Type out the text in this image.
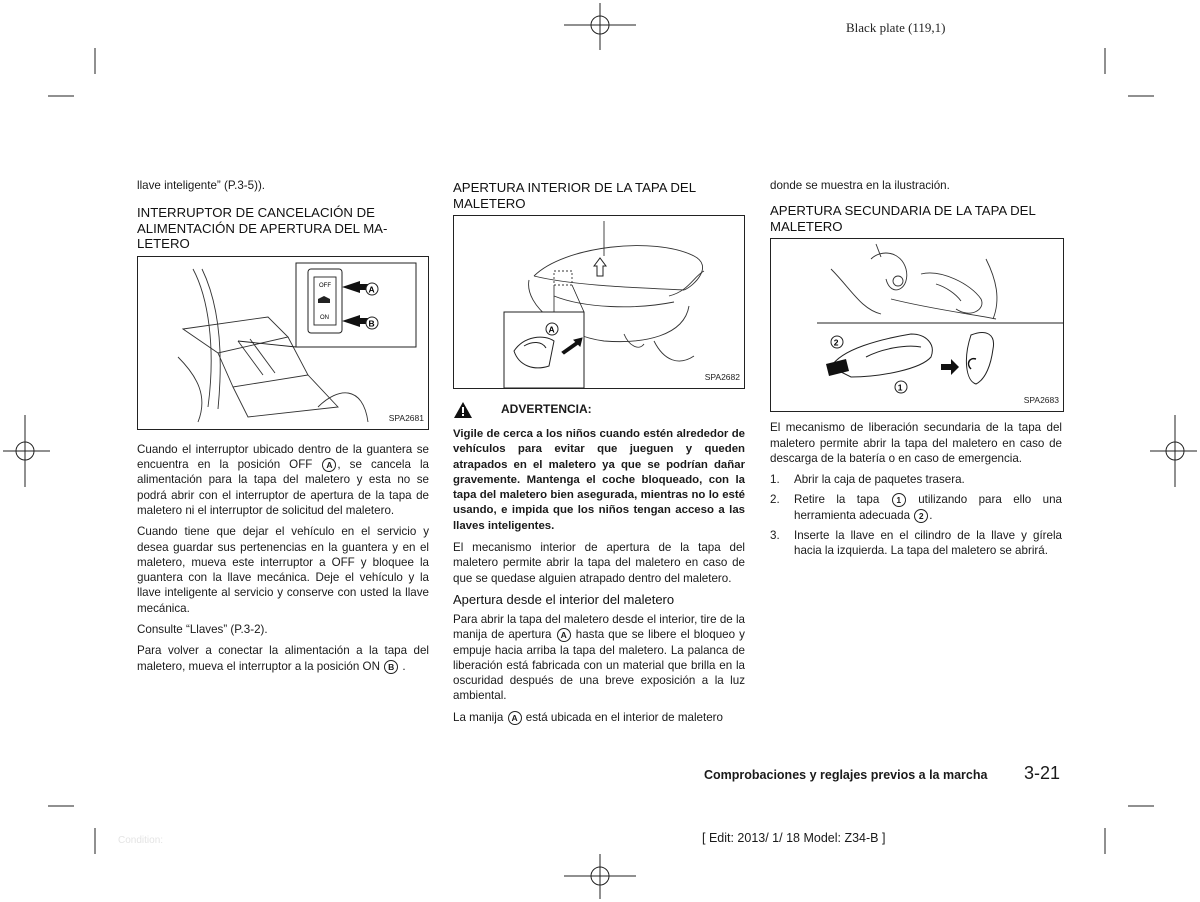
Black plate (119,1)

llave inteligente” (P.3-5)).

INTERRUPTOR DE CANCELACIÓN DE ALIMENTACIÓN DE APERTURA DEL MA- LETERO
OFF
ON
A
B
SPA2681

Cuando el interruptor ubicado dentro de la guantera se encuentra en la posición OFF A , se cancela la alimentación para la tapa del maletero y esta no se podrá abrir con el interruptor de apertura de la tapa de maletero ni el interruptor de solicitud del maletero.

Cuando tiene que dejar el vehículo en el servicio y desea guardar sus pertenencias en la guantera y en el maletero, mueva este interruptor a OFF y bloquee la guantera con la llave mecánica. Deje el vehículo y la llave inteligente al servicio y conserve con usted la llave mecánica.

Consulte “Llaves” (P.3-2).

Para volver a conectar la alimentación a la tapa del maletero, mueva el interruptor a la posición ON B .

APERTURA INTERIOR DE LA TAPA DEL MALETERO
A
SPA2682
ADVERTENCIA:

Vigile de cerca a los niños cuando estén alrededor de vehículos para evitar que jueguen y queden atrapados en el maletero ya que se podrían dañar gravemente. Mantenga el coche bloqueado, con la tapa del maletero bien asegurada, mientras no lo esté usando, e impida que los niños tengan acceso a las llaves inteligentes.

El mecanismo interior de apertura de la tapa del maletero permite abrir la tapa del maletero en caso de que se quedase alguien atrapado dentro del maletero.

Apertura desde el interior del maletero

Para abrir la tapa del maletero desde el interior, tire de la manija de apertura A hasta que se libere el bloqueo y empuje hacia arriba la tapa del maletero. La palanca de liberación está fabricada con un material que brilla en la oscuridad después de una breve exposición a la luz ambiental.

La manija A está ubicada en el interior de maletero

donde se muestra en la ilustración.

APERTURA SECUNDARIA DE LA TAPA DEL MALETERO
2
1
SPA2683

El mecanismo de liberación secundaria de la tapa del maletero permite abrir la tapa del maletero en caso de descarga de la batería o en caso de emergencia.

1.	Abrir la caja de paquetes trasera.
2.	Retire la tapa 1 utilizando para ello una herramienta adecuada 2 .
3.	Inserte la llave en el cilindro de la llave y gírela hacia la izquierda. La tapa del maletero se abrirá.
Comprobaciones y reglajes previos a la marcha 3-21
[ Edit: 2013/ 1/ 18 Model: Z34-B ]
Condition:
